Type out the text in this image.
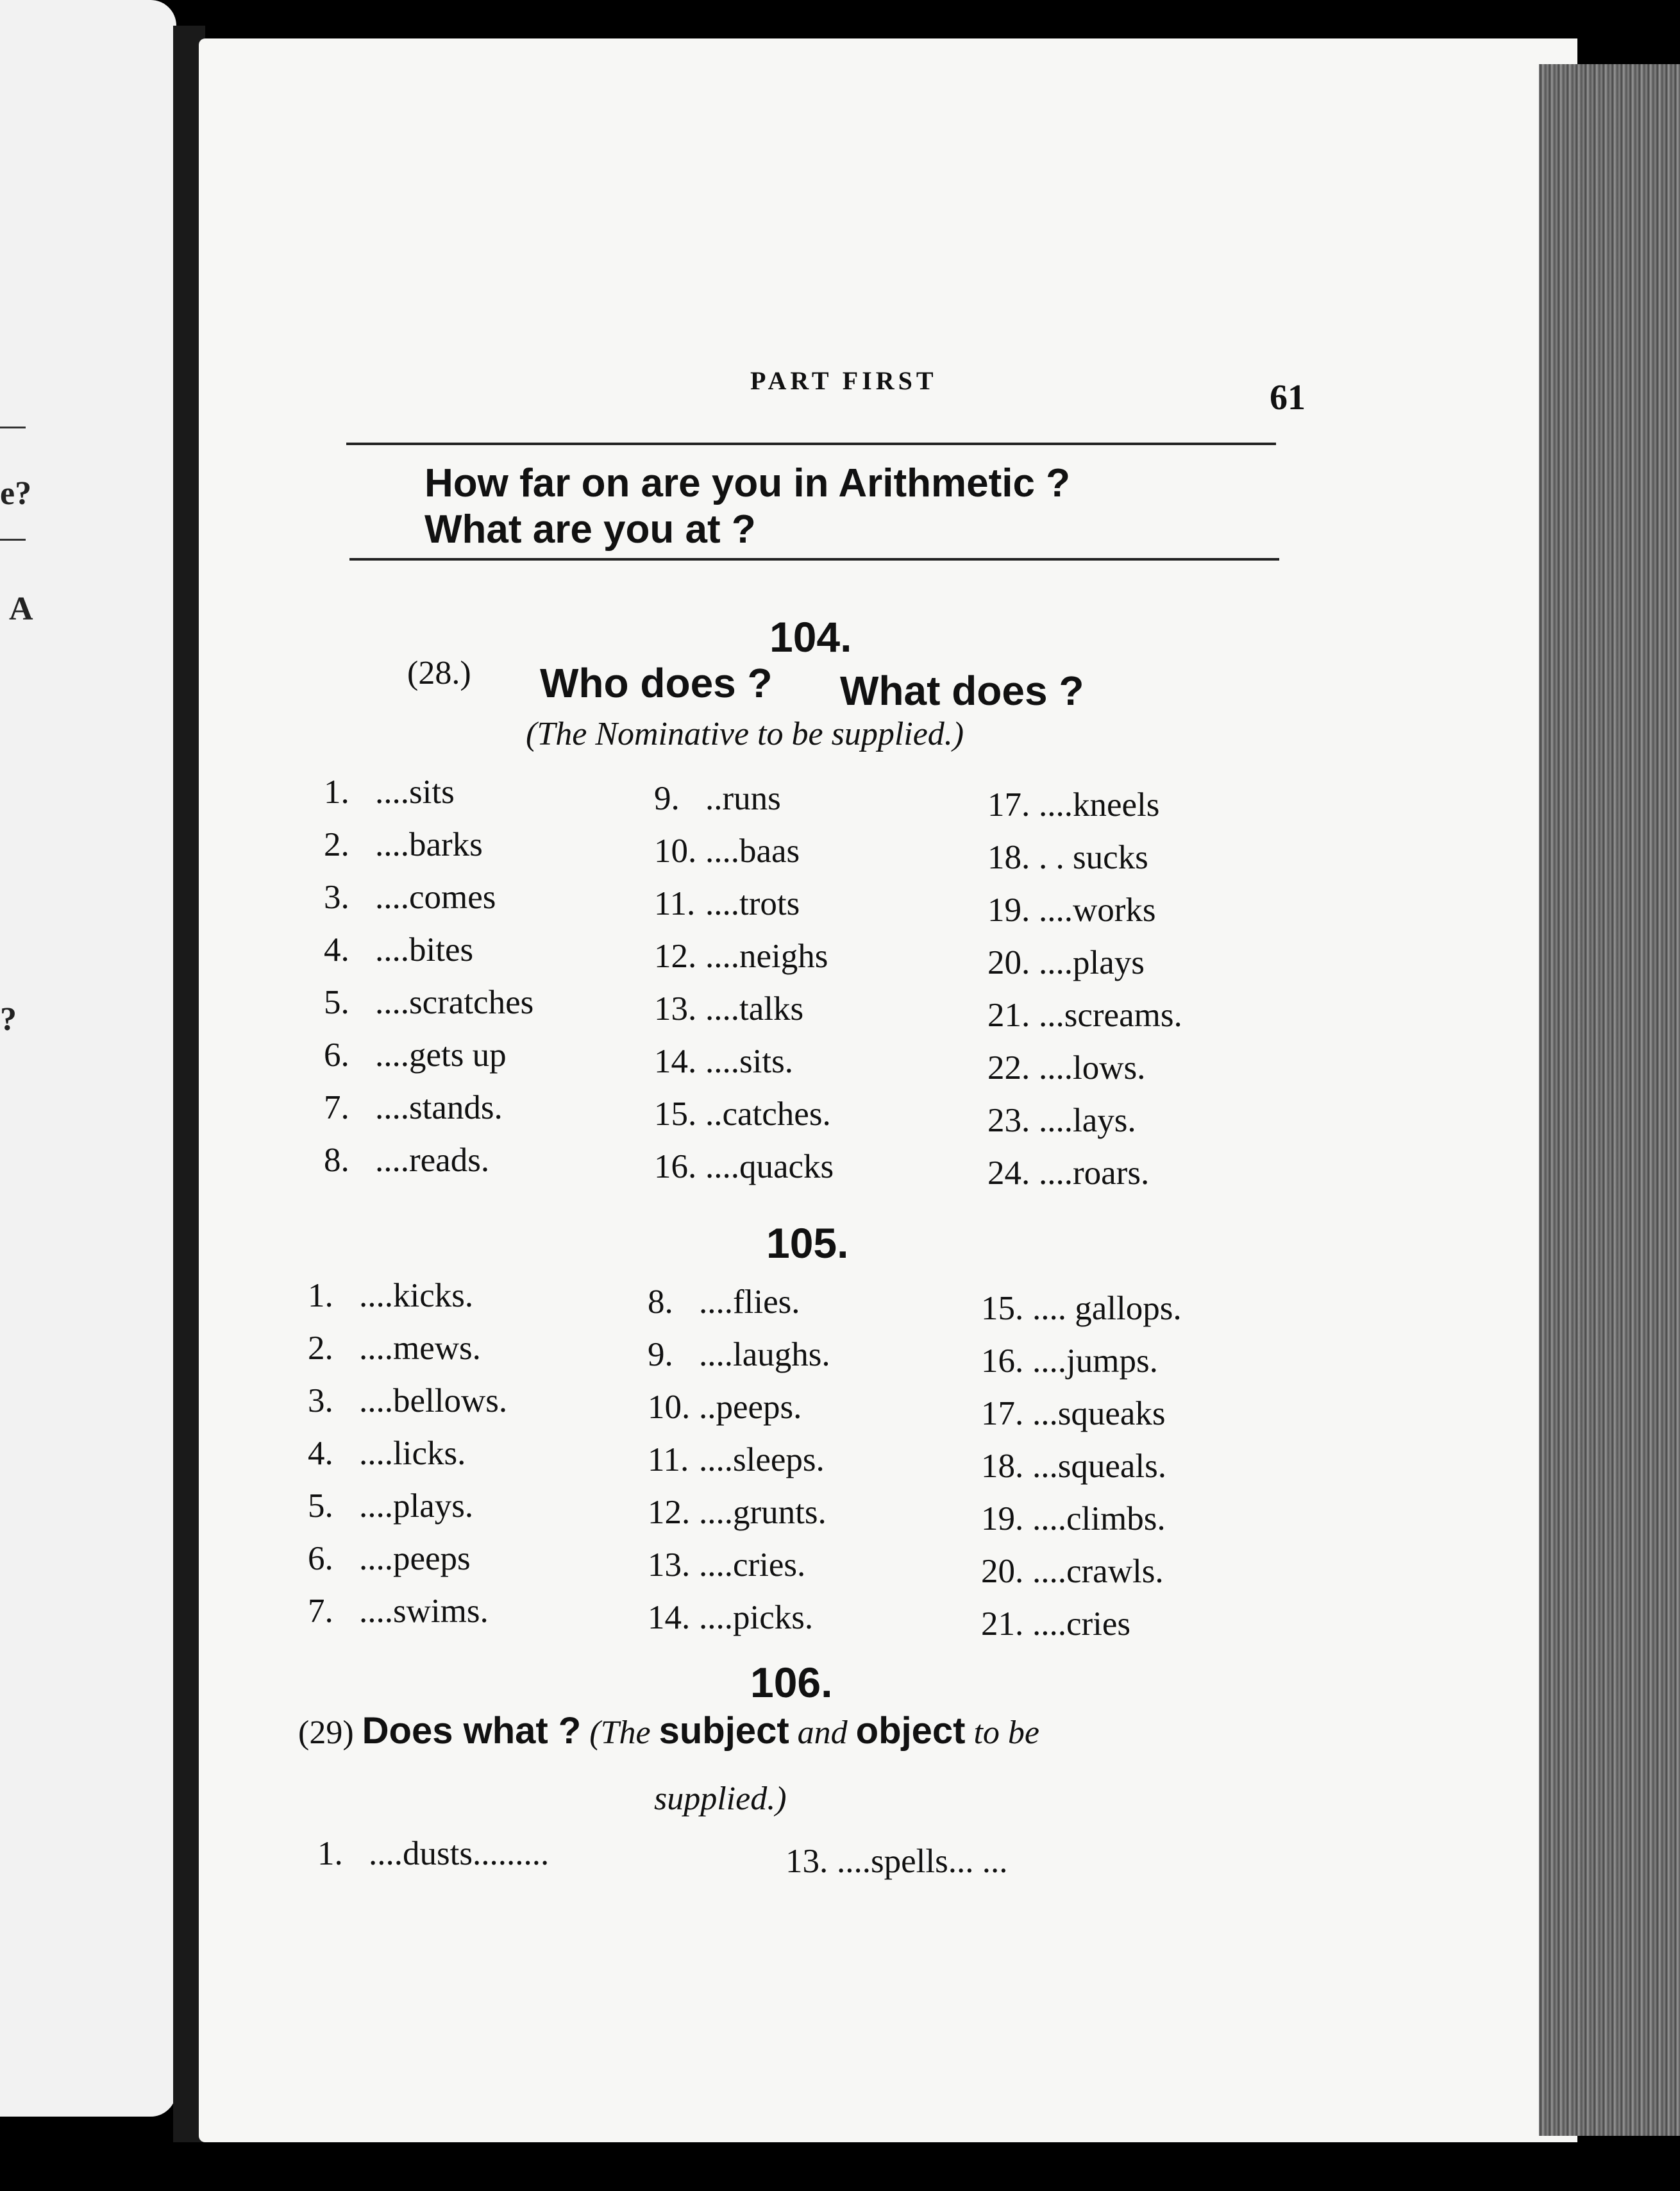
e?
A
?
PART FIRST	61
How far on are you in Arithmetic ?
What are you at ?
104.
(28.) Who does ? What does ?
(The Nominative to be supplied.)
1. ....sits
2. ....barks
3. ....comes
4. ....bites
5. ....scratches
6. ....gets up
7. ....stands.
8. ....reads.
9. ..runs
10. ....baas
11. ....trots
12. ....neighs
13. ....talks
14. ....sits.
15. ..catches.
16. ....quacks
17. ....kneels
18. . . sucks
19. ....works
20. ....plays
21. ...screams.
22. ....lows.
23. ....lays.
24. ....roars.
105.
1. ....kicks.
2. ....mews.
3. ....bellows.
4. ....licks.
5. ....plays.
6. ....peeps
7. ....swims.
8. ....flies.
9. ....laughs.
10. ..peeps.
11. ....sleeps.
12. ....grunts.
13. ....cries.
14. ....picks.
15. .... gallops.
16. ....jumps.
17. ...squeaks
18. ...squeals.
19. ....climbs.
20. ....crawls.
21. ....cries
106.
(29) Does what ? (The subject and object to be
supplied.)
1. ....dusts.........	13. ....spells... ...
